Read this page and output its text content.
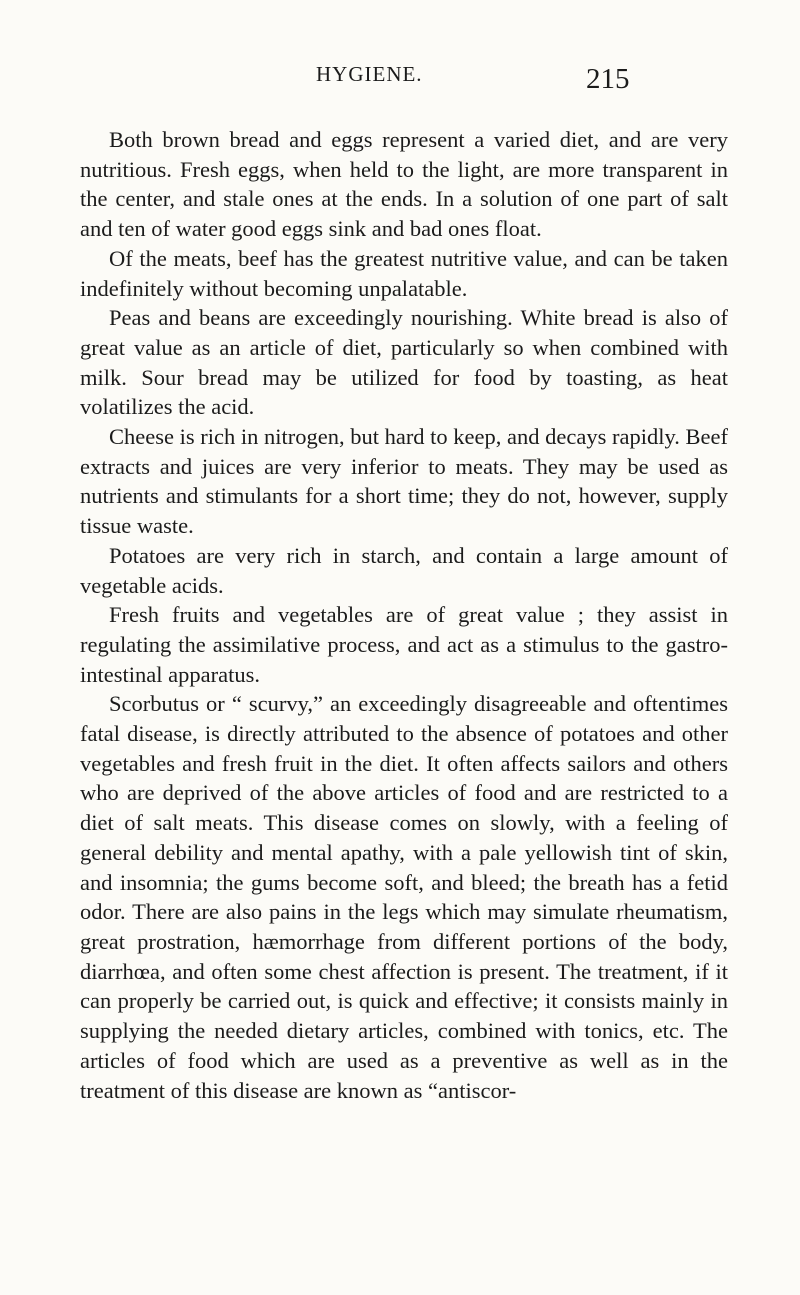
HYGIENE.	215

Both brown bread and eggs represent a varied diet, and are very nutritious. Fresh eggs, when held to the light, are more transparent in the center, and stale ones at the ends. In a solution of one part of salt and ten of water good eggs sink and bad ones float.

Of the meats, beef has the greatest nutritive value, and can be taken indefinitely without becoming unpalatable.

Peas and beans are exceedingly nourishing. White bread is also of great value as an article of diet, particularly so when combined with milk. Sour bread may be utilized for food by toasting, as heat volatilizes the acid.

Cheese is rich in nitrogen, but hard to keep, and decays rapidly. Beef extracts and juices are very inferior to meats. They may be used as nutrients and stimulants for a short time; they do not, however, supply tissue waste.

Potatoes are very rich in starch, and contain a large amount of vegetable acids.

Fresh fruits and vegetables are of great value ; they assist in regulating the assimilative process, and act as a stimulus to the gastro-intestinal apparatus.

Scorbutus or “ scurvy,” an exceedingly disagreeable and oftentimes fatal disease, is directly attributed to the absence of potatoes and other vegetables and fresh fruit in the diet. It often affects sailors and others who are deprived of the above articles of food and are restricted to a diet of salt meats. This disease comes on slowly, with a feeling of general debility and mental apathy, with a pale yellowish tint of skin, and insomnia; the gums become soft, and bleed; the breath has a fetid odor. There are also pains in the legs which may simulate rheumatism, great prostration, hæmorrhage from different portions of the body, diarrhœa, and often some chest affection is present. The treatment, if it can properly be carried out, is quick and effective; it consists mainly in supplying the needed dietary articles, combined with tonics, etc. The articles of food which are used as a preventive as well as in the treatment of this disease are known as “antiscor-
